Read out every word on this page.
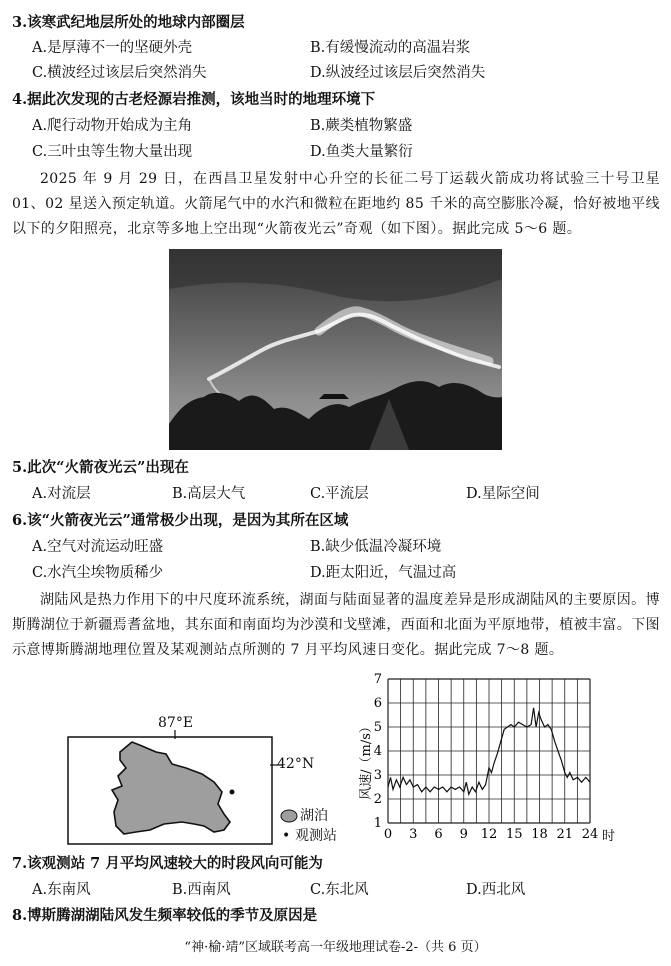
3.该寒武纪地层所处的地球内部圈层
A.是厚薄不一的坚硬外壳	B.有缓慢流动的高温岩浆
C.横波经过该层后突然消失	D.纵波经过该层后突然消失
4.据此次发现的古老烃源岩推测，该地当时的地理环境下
A.爬行动物开始成为主角	B.蕨类植物繁盛
C.三叶虫等生物大量出现	D.鱼类大量繁衍
2025 年 9 月 29 日，在西昌卫星发射中心升空的长征二号丁运载火箭成功将试验三十号卫星 01、02 星送入预定轨道。火箭尾气中的水汽和微粒在距地约 85 千米的高空膨胀冷凝，恰好被地平线以下的夕阳照亮，北京等多地上空出现“火箭夜光云”奇观（如下图）。据此完成 5～6 题。
5.此次“火箭夜光云”出现在
A.对流层	B.高层大气	C.平流层	D.星际空间
6.该“火箭夜光云”通常极少出现，是因为其所在区域
A.空气对流运动旺盛	B.缺少低温冷凝环境
C.水汽尘埃物质稀少	D.距太阳近，气温过高
湖陆风是热力作用下的中尺度环流系统，湖面与陆面显著的温度差异是形成湖陆风的主要原因。博斯腾湖位于新疆焉耆盆地，其东面和南面均为沙漠和戈壁滩，西面和北面为平原地带，植被丰富。下图示意博斯腾湖地理位置及某观测站点所测的 7 月平均风速日变化。据此完成 7～8 题。
87°E
42°N
湖泊
• 观测站	0 3 6 9 12 15 18 21 24
1
2
3
4
5
6
7
风速/（m/s）
时
7.该观测站 7 月平均风速较大的时段风向可能为
A.东南风	B.西南风	C.东北风	D.西北风
8.博斯腾湖湖陆风发生频率较低的季节及原因是
“神·榆·靖”区域联考高一年级地理试卷-2-（共 6 页）
